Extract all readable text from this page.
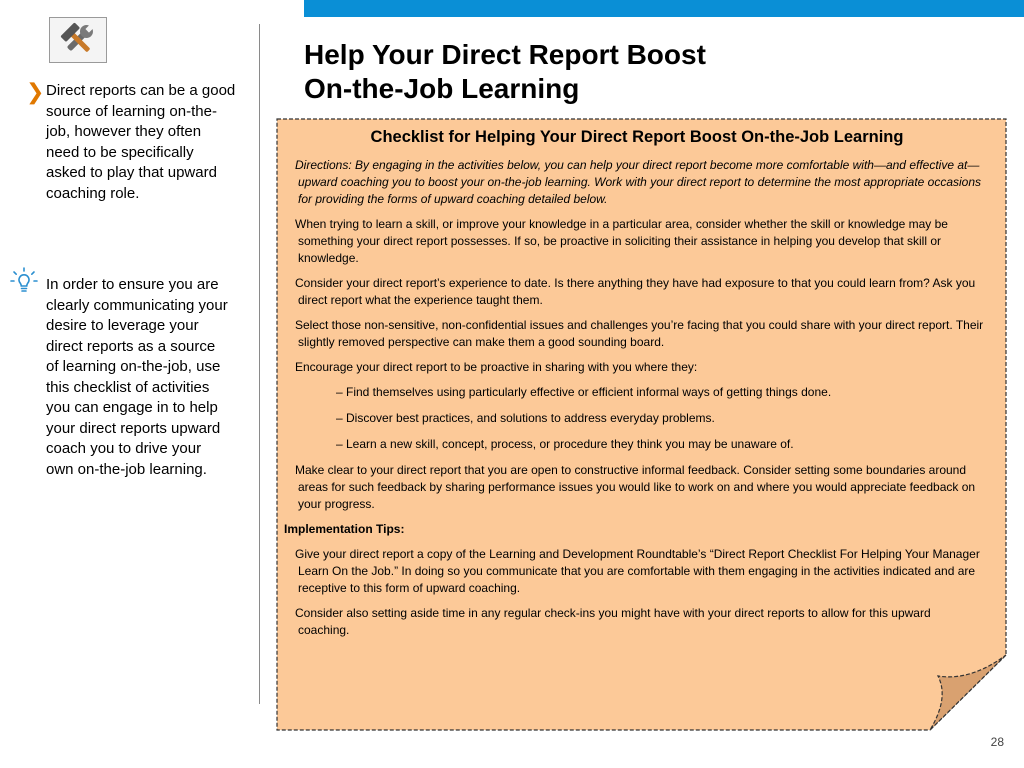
❯ Direct reports can be a good source of learning on-the-job, however they often need to be specifically asked to play that upward coaching role.
In order to ensure you are clearly communicating your desire to leverage your direct reports as a source of learning on-the-job, use this checklist of activities you can engage in to help your direct reports upward coach you to drive your own on-the-job learning.
Help Your Direct Report Boost
On-the-Job Learning
Checklist for Helping Your Direct Report Boost On-the-Job Learning

Directions: By engaging in the activities below, you can help your direct report become more comfortable with—and effective at—upward coaching you to boost your on-the-job learning. Work with your direct report to determine the most appropriate occasions for providing the forms of upward coaching detailed below.

When trying to learn a skill, or improve your knowledge in a particular area, consider whether the skill or knowledge may be something your direct report possesses. If so, be proactive in soliciting their assistance in helping you develop that skill or knowledge.

Consider your direct report’s experience to date. Is there anything they have had exposure to that you could learn from? Ask you direct report what the experience taught them.

Select those non-sensitive, non-confidential issues and challenges you’re facing that you could share with your direct report. Their slightly removed perspective can make them a good sounding board.

Encourage your direct report to be proactive in sharing with you where they:

– Find themselves using particularly effective or efficient informal ways of getting things done.

– Discover best practices, and solutions to address everyday problems.

– Learn a new skill, concept, process, or procedure they think you may be unaware of.

Make clear to your direct report that you are open to constructive informal feedback. Consider setting some boundaries around areas for such feedback by sharing performance issues you would like to work on and where you would appreciate feedback on your progress.

Implementation Tips:

Give your direct report a copy of the Learning and Development Roundtable’s “Direct Report Checklist For Helping Your Manager Learn On the Job.” In doing so you communicate that you are comfortable with them engaging in the activities indicated and are receptive to this form of upward coaching.

Consider also setting aside time in any regular check-ins you might have with your direct reports to allow for this upward coaching.

28
